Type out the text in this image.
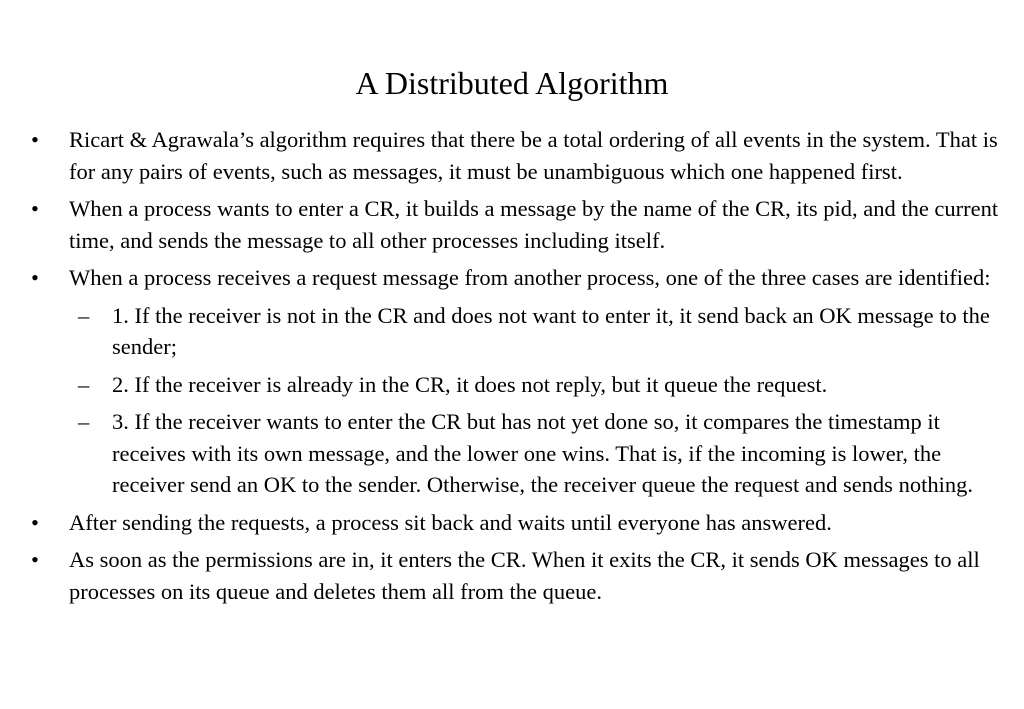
A Distributed Algorithm
• Ricart & Agrawala’s algorithm requires that there be a total ordering of all events in the system. That is for any pairs of events, such as messages, it must be unambiguous which one happened first.
• When a process wants to enter a CR, it builds a message by the name of the CR, its pid, and the current time, and sends the message to all other processes including itself.
• When a process receives a request message from another process, one of the three cases are identified:
– 1. If the receiver is not in the CR and does not want to enter it, it send back an OK message to the sender;
– 2. If the receiver is already in the CR, it does not reply, but it queue the request.
– 3. If the receiver wants to enter the CR but has not yet done so, it compares the timestamp it receives with its own message, and the lower one wins. That is, if the incoming is lower, the receiver send an OK to the sender. Otherwise, the receiver queue the request and sends nothing.
• After sending the requests, a process sit back and waits until everyone has answered.
• As soon as the permissions are in, it enters the CR. When it exits the CR, it sends OK messages to all processes on its queue and deletes them all from the queue.
